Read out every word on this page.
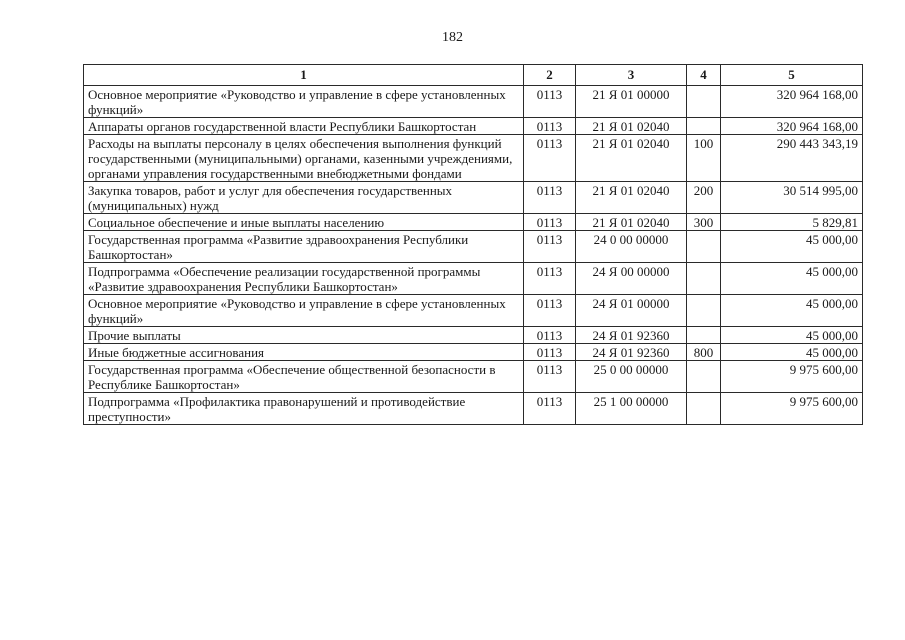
182
1	2	3	4	5
Основное мероприятие «Руководство и управление в сфере установленных функций»	0113	21 Я 01 00000		320 964 168,00
Аппараты органов государственной власти Республики Башкортостан	0113	21 Я 01 02040		320 964 168,00
Расходы на выплаты персоналу в целях обеспечения выполнения функций государственными (муниципальными) органами, казенными учреждениями, органами управления государственными внебюджетными фондами	0113	21 Я 01 02040	100	290 443 343,19
Закупка товаров, работ и услуг для обеспечения государственных (муниципальных) нужд	0113	21 Я 01 02040	200	30 514 995,00
Социальное обеспечение и иные выплаты населению	0113	21 Я 01 02040	300	5 829,81
Государственная программа «Развитие здравоохранения Республики Башкортостан»	0113	24 0 00 00000		45 000,00
Подпрограмма «Обеспечение реализации государственной программы «Развитие здравоохранения Республики Башкортостан»	0113	24 Я 00 00000		45 000,00
Основное мероприятие «Руководство и управление в сфере установленных функций»	0113	24 Я 01 00000		45 000,00
Прочие выплаты	0113	24 Я 01 92360		45 000,00
Иные бюджетные ассигнования	0113	24 Я 01 92360	800	45 000,00
Государственная программа «Обеспечение общественной безопасности в Республике Башкортостан»	0113	25 0 00 00000		9 975 600,00
Подпрограмма «Профилактика правонарушений и противодействие преступности»	0113	25 1 00 00000		9 975 600,00
